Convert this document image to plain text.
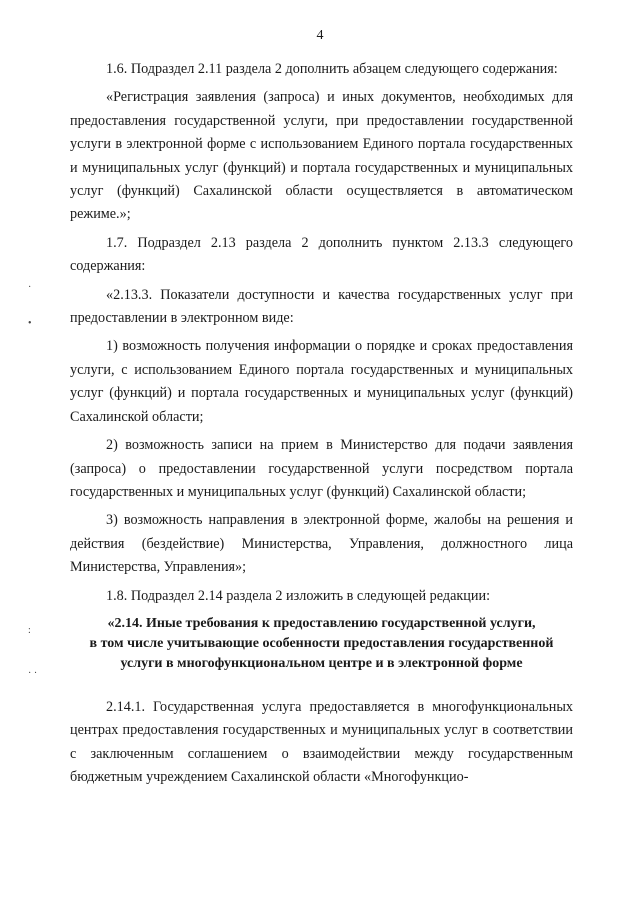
4

1.6. Подраздел 2.11 раздела 2 дополнить абзацем следующего содержания:

«Регистрация заявления (запроса) и иных документов, необходимых для предоставления государственной услуги, при предоставлении государственной услуги в электронной форме с использованием Единого портала государственных и муниципальных услуг (функций) и портала государственных и муниципальных услуг (функций) Сахалинской области осуществляется в автоматическом режиме.»;

1.7. Подраздел 2.13 раздела 2 дополнить пунктом 2.13.3 следующего содержания:

«2.13.3. Показатели доступности и качества государственных услуг при предоставлении в электронном виде:

1) возможность получения информации о порядке и сроках предоставления услуги, с использованием Единого портала государственных и муниципальных услуг (функций) и портала государственных и муниципальных услуг (функций) Сахалинской области;

2) возможность записи на прием в Министерство для подачи заявления (запроса) о предоставлении государственной услуги посредством портала государственных и муниципальных услуг (функций) Сахалинской области;

3) возможность направления в электронной форме, жалобы на решения и действия (бездействие) Министерства, Управления, должностного лица Министерства, Управления»;

1.8. Подраздел 2.14 раздела 2 изложить в следующей редакции:

«2.14. Иные требования к предоставлению государственной услуги,
в том числе учитывающие особенности предоставления государственной
услуги в многофункциональном центре и в электронной форме

2.14.1. Государственная услуга предоставляется в многофункциональных центрах предоставления государственных и муниципальных услуг в соответствии с заключенным соглашением о взаимодействии между государственным бюджетным учреждением Сахалинской области «Многофункцио-

·
•
:
· ·
